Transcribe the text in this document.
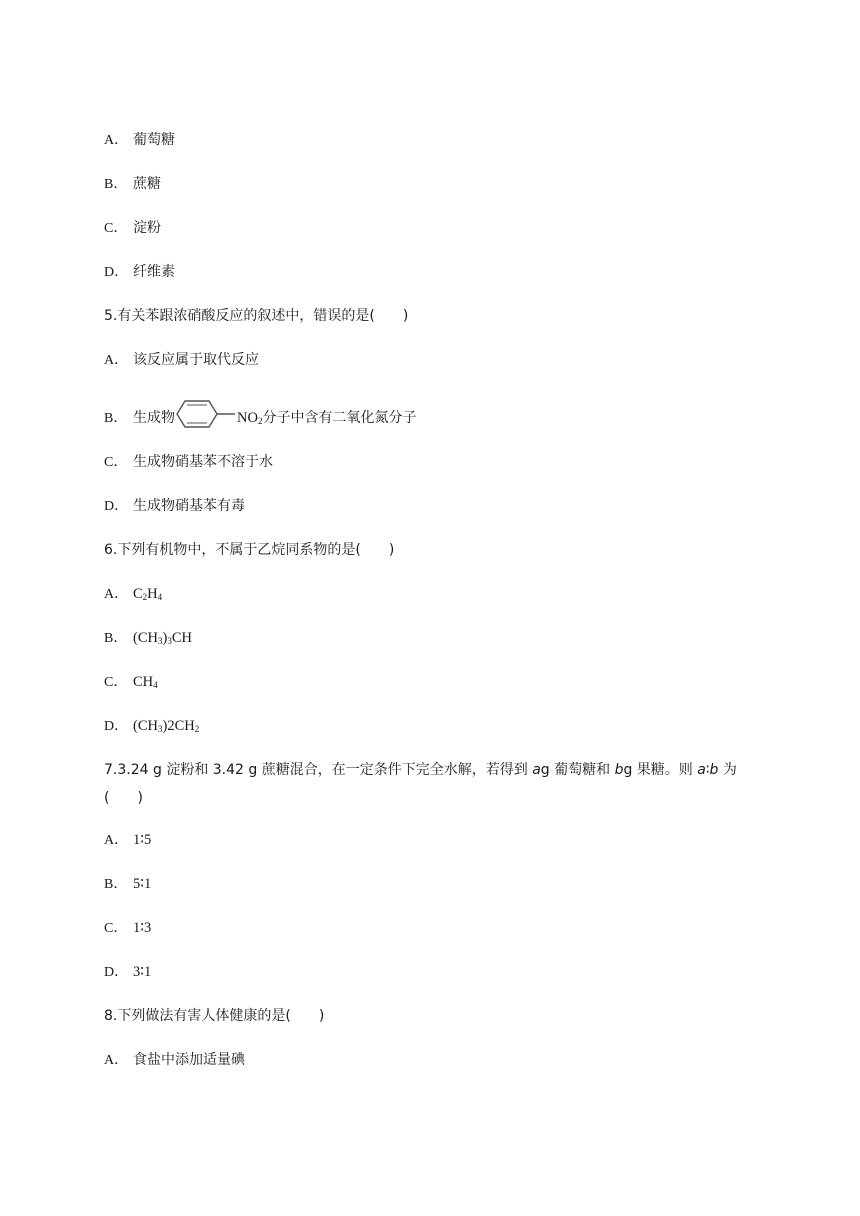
A． 葡萄糖
B． 蔗糖
C． 淀粉
D． 纤维素
5.有关苯跟浓硝酸反应的叙述中，错误的是( )
A． 该反应属于取代反应
B． 生成物	$NO_2$分子中含有二氧化氮分子
C． 生成物硝基苯不溶于水
D． 生成物硝基苯有毒
6.下列有机物中，不属于乙烷同系物的是( )
A． $C_2H_4$
B． $(CH_3)_3CH$
C． $CH_4$
D． $(CH_3)2CH_2$
7.3.24 g 淀粉和 3.42 g 蔗糖混合，在一定条件下完全水解，若得到 ag 葡萄糖和 bg 果糖。则 a∶b 为
( )
A． 1∶5
B． 5∶1
C． 1∶3
D． 3∶1
8.下列做法有害人体健康的是( )
A． 食盐中添加适量碘
